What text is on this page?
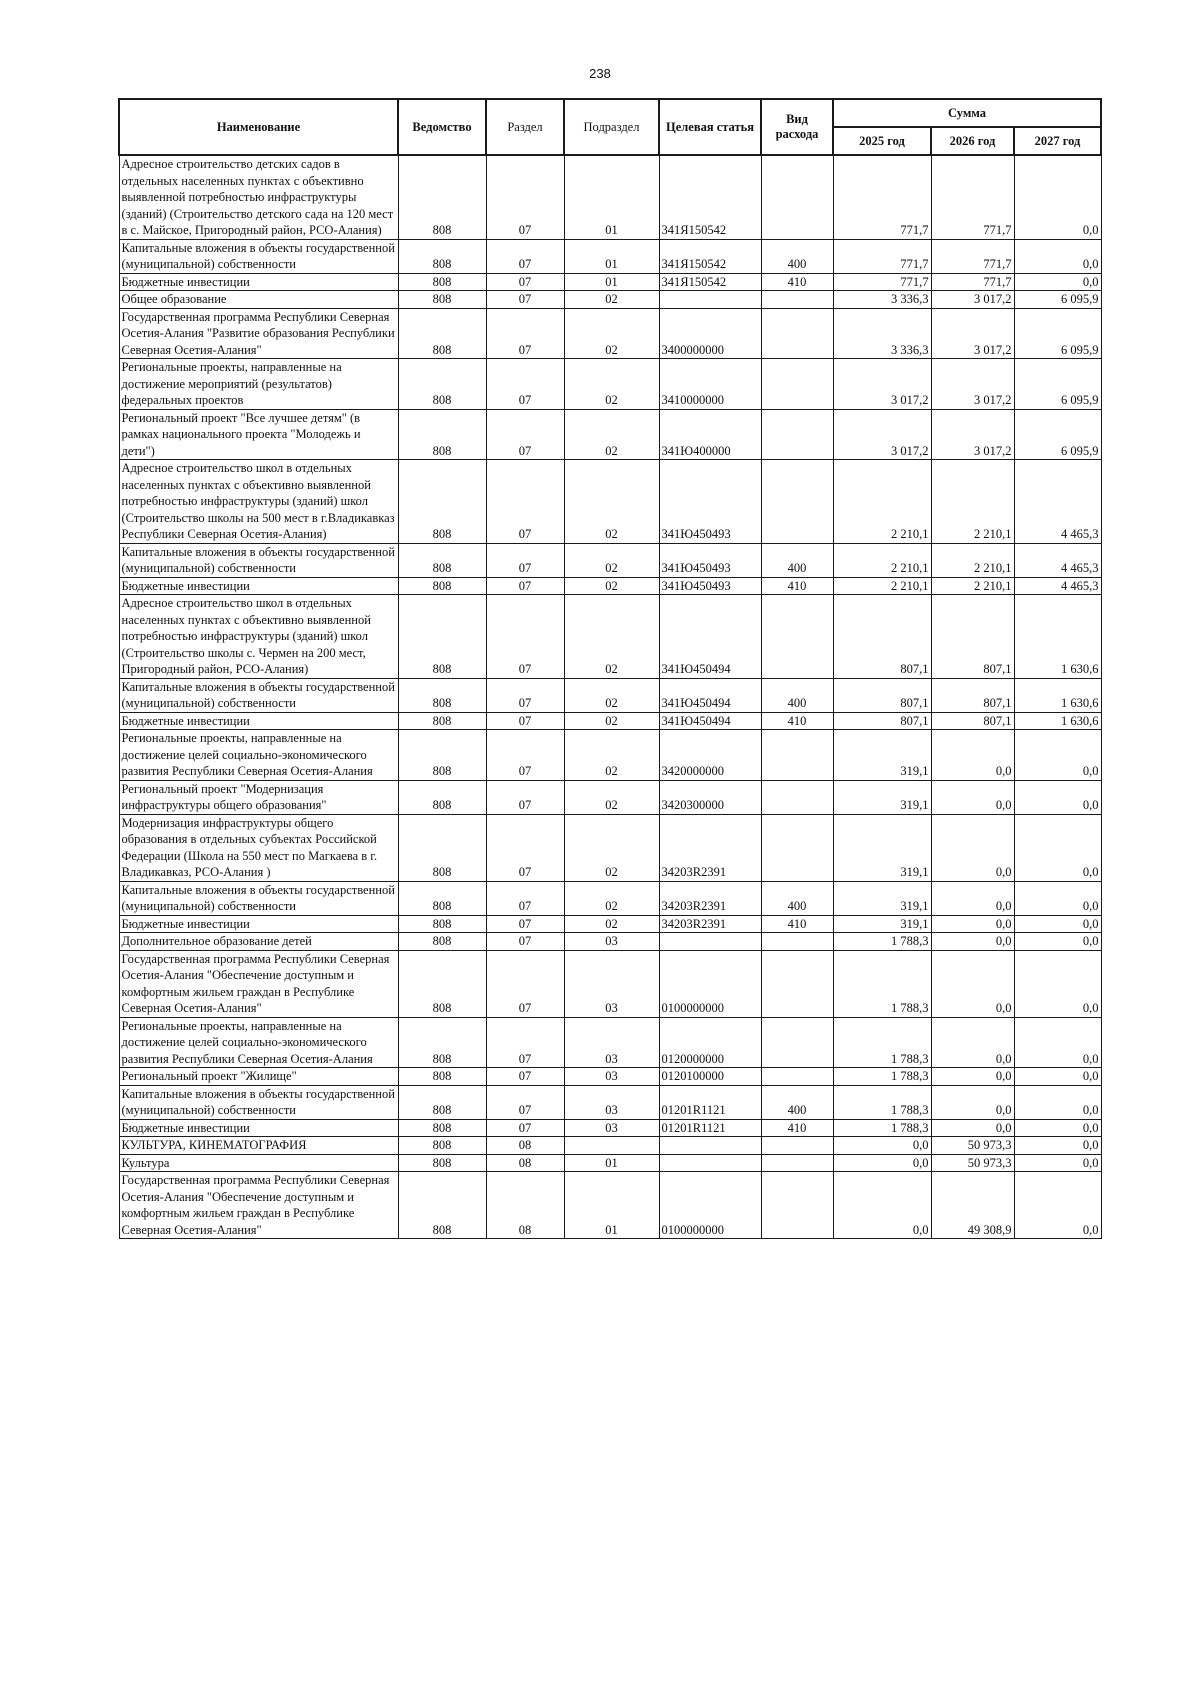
238
Наименование	Ведомство	Раздел	Подраздел	Целевая статья	Вид расхода	Сумма		
						2025 год	2026 год	2027 год
Адресное строительство детских садов в отдельных населенных пунктах с объективно выявленной потребностью инфраструктуры (зданий) (Строительство детского сада на 120 мест в с. Майское, Пригородный район, РСО-Алания)	808	07	01	341Я150542		771,7	771,7	0,0
Капитальные вложения в объекты государственной (муниципальной) собственности	808	07	01	341Я150542	400	771,7	771,7	0,0
Бюджетные инвестиции	808	07	01	341Я150542	410	771,7	771,7	0,0
Общее образование	808	07	02			3 336,3	3 017,2	6 095,9
Государственная программа Республики Северная Осетия-Алания "Развитие образования Республики Северная Осетия-Алания"	808	07	02	3400000000		3 336,3	3 017,2	6 095,9
Региональные проекты, направленные на достижение мероприятий (результатов) федеральных проектов	808	07	02	3410000000		3 017,2	3 017,2	6 095,9
Региональный проект "Все лучшее детям" (в рамках национального проекта "Молодежь и дети")	808	07	02	341Ю400000		3 017,2	3 017,2	6 095,9
Адресное строительство школ в отдельных населенных пунктах с объективно выявленной потребностью инфраструктуры (зданий) школ (Строительство школы на 500 мест в г.Владикавказ Республики Северная Осетия-Алания)	808	07	02	341Ю450493		2 210,1	2 210,1	4 465,3
Капитальные вложения в объекты государственной (муниципальной) собственности	808	07	02	341Ю450493	400	2 210,1	2 210,1	4 465,3
Бюджетные инвестиции	808	07	02	341Ю450493	410	2 210,1	2 210,1	4 465,3
Адресное строительство школ в отдельных населенных пунктах с объективно выявленной потребностью инфраструктуры (зданий) школ (Строительство школы с. Чермен на 200 мест, Пригородный район, РСО-Алания)	808	07	02	341Ю450494		807,1	807,1	1 630,6
Капитальные вложения в объекты государственной (муниципальной) собственности	808	07	02	341Ю450494	400	807,1	807,1	1 630,6
Бюджетные инвестиции	808	07	02	341Ю450494	410	807,1	807,1	1 630,6
Региональные проекты, направленные на достижение целей социально-экономического развития Республики Северная Осетия-Алания	808	07	02	3420000000		319,1	0,0	0,0
Региональный проект "Модернизация инфраструктуры общего образования"	808	07	02	3420300000		319,1	0,0	0,0
Модернизация инфраструктуры общего образования в отдельных субъектах Российской Федерации (Школа на 550 мест по Магкаева в г. Владикавказ, РСО-Алания )	808	07	02	34203R2391		319,1	0,0	0,0
Капитальные вложения в объекты государственной (муниципальной) собственности	808	07	02	34203R2391	400	319,1	0,0	0,0
Бюджетные инвестиции	808	07	02	34203R2391	410	319,1	0,0	0,0
Дополнительное образование детей	808	07	03			1 788,3	0,0	0,0
Государственная программа Республики Северная Осетия-Алания "Обеспечение доступным и комфортным жильем граждан в Республике Северная Осетия-Алания"	808	07	03	0100000000		1 788,3	0,0	0,0
Региональные проекты, направленные на достижение целей социально-экономического развития Республики Северная Осетия-Алания	808	07	03	0120000000		1 788,3	0,0	0,0
Региональный проект "Жилище"	808	07	03	0120100000		1 788,3	0,0	0,0
Капитальные вложения в объекты государственной (муниципальной) собственности	808	07	03	01201R1121	400	1 788,3	0,0	0,0
Бюджетные инвестиции	808	07	03	01201R1121	410	1 788,3	0,0	0,0
КУЛЬТУРА, КИНЕМАТОГРАФИЯ	808	08				0,0	50 973,3	0,0
Культура	808	08	01			0,0	50 973,3	0,0
Государственная программа Республики Северная Осетия-Алания "Обеспечение доступным и комфортным жильем граждан в Республике Северная Осетия-Алания"	808	08	01	0100000000		0,0	49 308,9	0,0
